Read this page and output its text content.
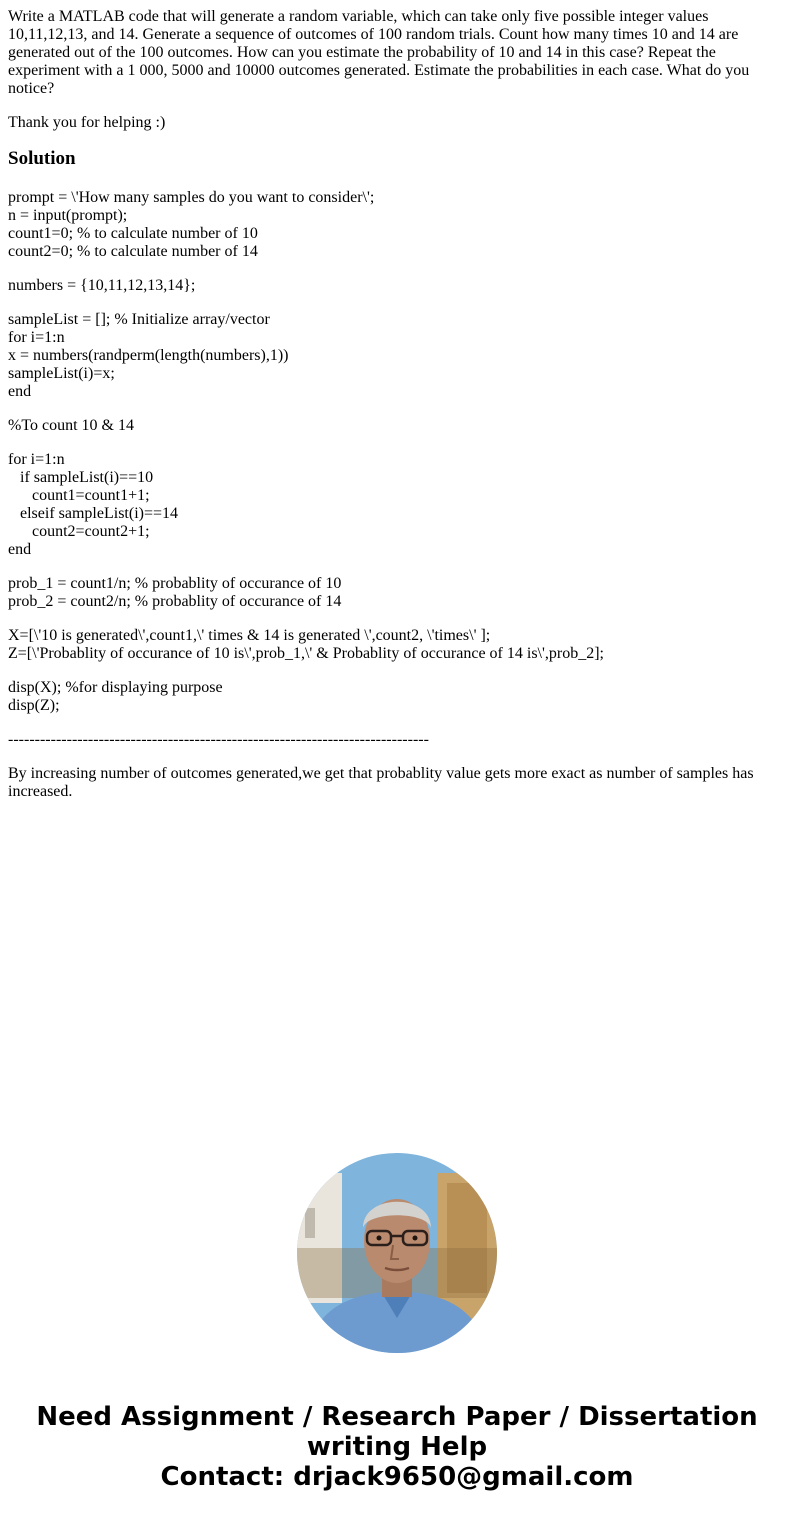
Write a MATLAB code that will generate a random variable, which can take only five possible integer values 10,11,12,13, and 14. Generate a sequence of outcomes of 100 random trials. Count how many times 10 and 14 are generated out of the 100 outcomes. How can you estimate the probability of 10 and 14 in this case? Repeat the experiment with a 1 000, 5000 and 10000 outcomes generated. Estimate the probabilities in each case. What do you notice?

Thank you for helping :)

Solution

prompt = \'How many samples do you want to consider\';
n = input(prompt);
count1=0; % to calculate number of 10
count2=0; % to calculate number of 14

numbers = {10,11,12,13,14};

sampleList = []; % Initialize array/vector
for i=1:n
x = numbers(randperm(length(numbers),1))
sampleList(i)=x;
end

%To count 10 & 14

for i=1:n
if sampleList(i)==10
count1=count1+1;
elseif sampleList(i)==14
count2=count2+1;
end

prob_1 = count1/n; % probablity of occurance of 10
prob_2 = count2/n; % probablity of occurance of 14

X=[\'10 is generated\',count1,\' times & 14 is generated \',count2, \'times\' ];
Z=[\'Probablity of occurance of 10 is\',prob_1,\' & Probablity of occurance of 14 is\',prob_2];

disp(X); %for displaying purpose
disp(Z);

-------------------------------------------------------------------------------

By increasing number of outcomes generated,we get that probablity value gets more exact as number of samples has increased.

Need Assignment / Research Paper / Dissertation
writing Help
Contact: drjack9650@gmail.com
